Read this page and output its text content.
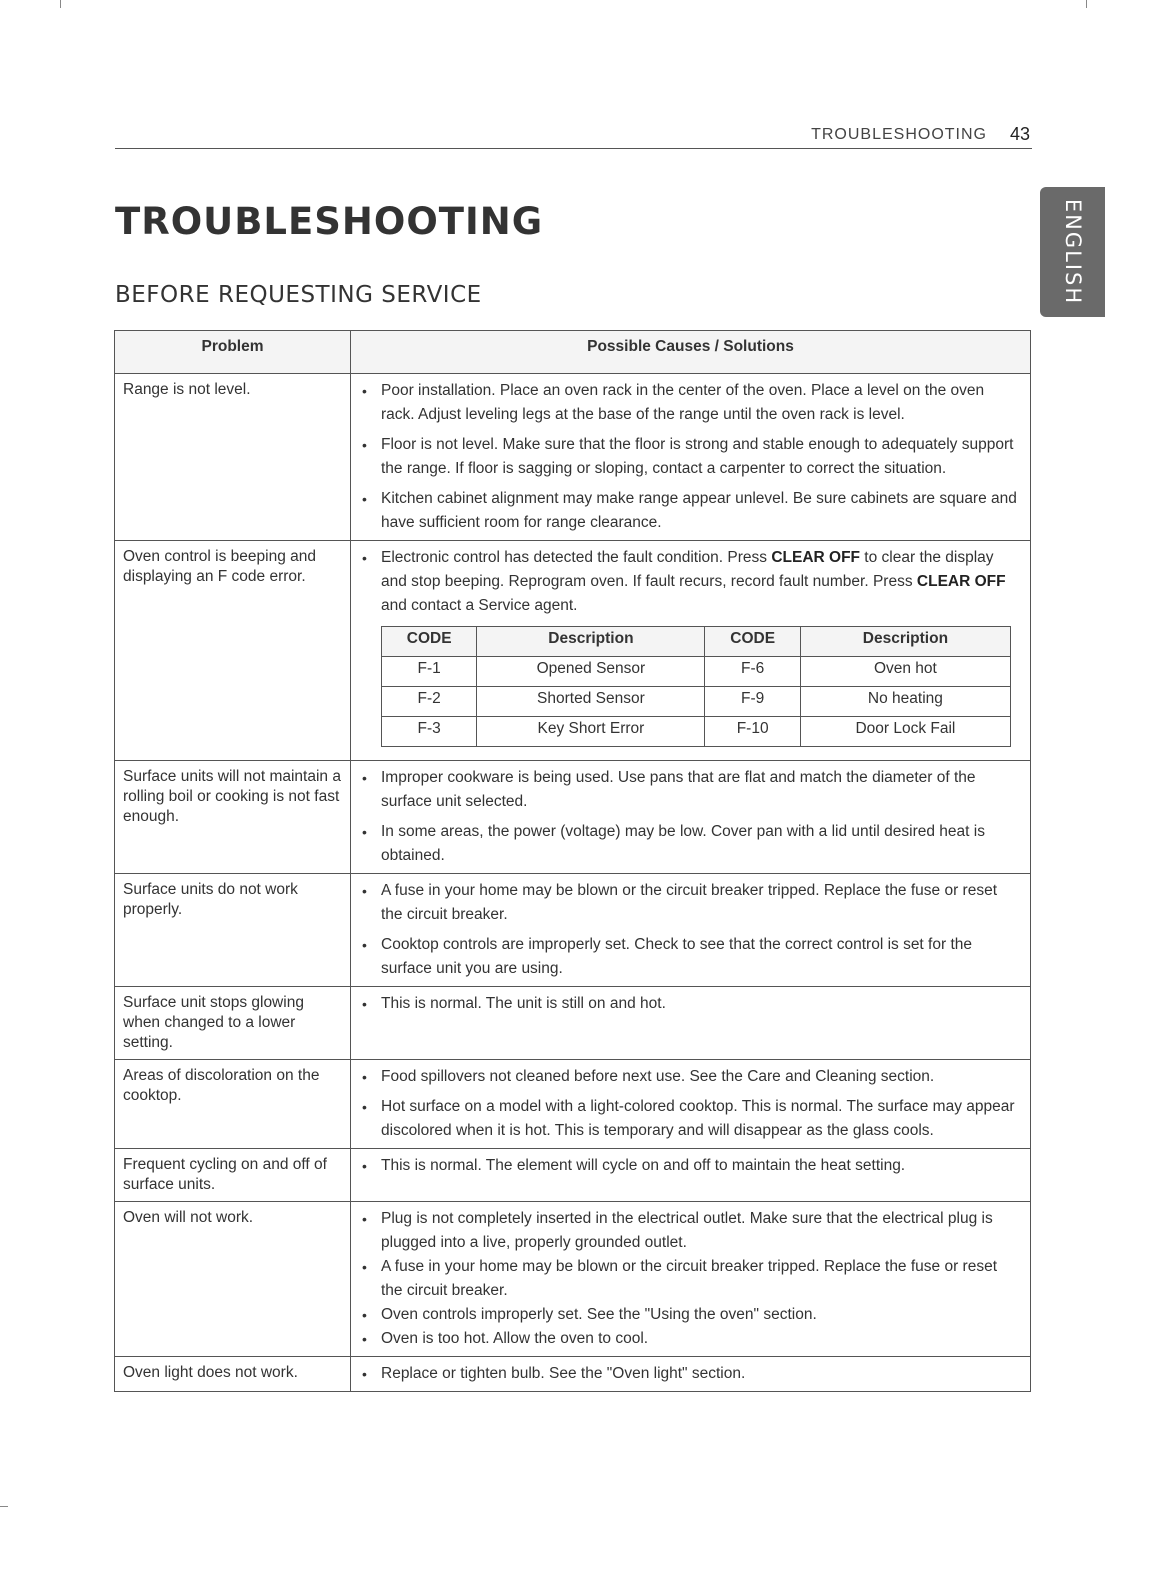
TROUBLESHOOTING 43
ENGLISH
TROUBLESHOOTING
BEFORE REQUESTING SERVICE
Problem	Possible Causes / Solutions
Range is not level.	
•Poor installation. Place an oven rack in the center of the oven. Place a level on the oven rack. Adjust leveling legs at the base of the range until the oven rack is level.
• Floor is not level. Make sure that the floor is strong and stable enough to adequately support the range. If floor is sagging or sloping, contact a carpenter to correct the situation.
• Kitchen cabinet alignment may make range appear unlevel. Be sure cabinets are square and have sufficient room for range clearance.

Oven control is beeping and displaying an F code error.	
• Electronic control has detected the fault condition. Press CLEAR OFF to clear the display and stop beeping. Reprogram oven. If fault recurs, record fault number. Press CLEAR OFF and contact a Service agent.
CODE	Description	CODE	Description
F-1	Opened Sensor	F-6	Oven hot
F-2	Shorted Sensor	F-9	No heating
F-3	Key Short Error	F-10	Door Lock Fail

Surface units will not maintain a rolling boil or cooking is not fast enough.	
• Improper cookware is being used. Use pans that are flat and match the diameter of the surface unit selected.
• In some areas, the power (voltage) may be low. Cover pan with a lid until desired heat is obtained.

Surface units do not work properly.	
• A fuse in your home may be blown or the circuit breaker tripped. Replace the fuse or reset the circuit breaker.
• Cooktop controls are improperly set. Check to see that the correct control is set for the surface unit you are using.

Surface unit stops glowing when changed to a lower setting.	
• This is normal. The unit is still on and hot.

Areas of discoloration on the cooktop.	
• Food spillovers not cleaned before next use. See the Care and Cleaning section.
• Hot surface on a model with a light-colored cooktop. This is normal. The surface may appear discolored when it is hot. This is temporary and will disappear as the glass cools.

Frequent cycling on and off of surface units.	
• This is normal. The element will cycle on and off to maintain the heat setting.

Oven will not work.	
•Plug is not completely inserted in the electrical outlet. Make sure that the electrical plug is plugged into a live, properly grounded outlet.
• A fuse in your home may be blown or the circuit breaker tripped. Replace the fuse or reset the circuit breaker.
• Oven controls improperly set. See the "Using the oven" section.
• Oven is too hot. Allow the oven to cool.

Oven light does not work.	
•Replace or tighten bulb. See the "Oven light" section.
